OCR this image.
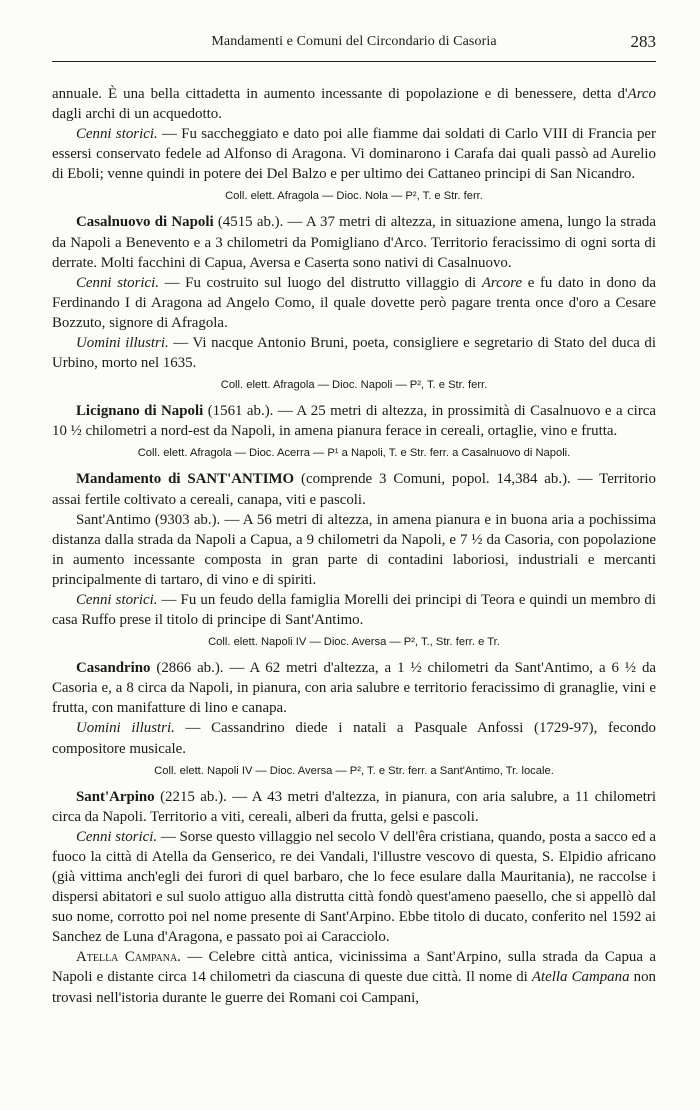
Mandamenti e Comuni del Circondario di Casoria	283

annuale. È una bella cittadetta in aumento incessante di popolazione e di benessere, detta d'Arco dagli archi di un acquedotto.

Cenni storici. — Fu saccheggiato e dato poi alle fiamme dai soldati di Carlo VIII di Francia per essersi conservato fedele ad Alfonso di Aragona. Vi dominarono i Carafa dai quali passò ad Aurelio di Eboli; venne quindi in potere dei Del Balzo e per ultimo dei Cattaneo principi di San Nicandro.

Coll. elett. Afragola — Dioc. Nola — P², T. e Str. ferr.

Casalnuovo di Napoli (4515 ab.). — A 37 metri di altezza, in situazione amena, lungo la strada da Napoli a Benevento e a 3 chilometri da Pomigliano d'Arco. Territorio feracissimo di ogni sorta di derrate. Molti facchini di Capua, Aversa e Caserta sono nativi di Casalnuovo.

Cenni storici. — Fu costruito sul luogo del distrutto villaggio di Arcore e fu dato in dono da Ferdinando I di Aragona ad Angelo Como, il quale dovette però pagare trenta once d'oro a Cesare Bozzuto, signore di Afragola.

Uomini illustri. — Vi nacque Antonio Bruni, poeta, consigliere e segretario di Stato del duca di Urbino, morto nel 1635.

Coll. elett. Afragola — Dioc. Napoli — P², T. e Str. ferr.

Licignano di Napoli (1561 ab.). — A 25 metri di altezza, in prossimità di Casalnuovo e a circa 10 ½ chilometri a nord-est da Napoli, in amena pianura ferace in cereali, ortaglie, vino e frutta.

Coll. elett. Afragola — Dioc. Acerra — P¹ a Napoli, T. e Str. ferr. a Casalnuovo di Napoli.

Mandamento di SANT'ANTIMO (comprende 3 Comuni, popol. 14,384 ab.). — Territorio assai fertile coltivato a cereali, canapa, viti e pascoli.

Sant'Antimo (9303 ab.). — A 56 metri di altezza, in amena pianura e in buona aria a pochissima distanza dalla strada da Napoli a Capua, a 9 chilometri da Napoli, e 7 ½ da Casoria, con popolazione in aumento incessante composta in gran parte di contadini laboriosi, industriali e mercanti principalmente di tartaro, di vino e di spiriti.

Cenni storici. — Fu un feudo della famiglia Morelli dei principi di Teora e quindi un membro di casa Ruffo prese il titolo di principe di Sant'Antimo.

Coll. elett. Napoli IV — Dioc. Aversa — P², T., Str. ferr. e Tr.

Casandrino (2866 ab.). — A 62 metri d'altezza, a 1 ½ chilometri da Sant'Antimo, a 6 ½ da Casoria e, a 8 circa da Napoli, in pianura, con aria salubre e territorio feracissimo di granaglie, vini e frutta, con manifatture di lino e canapa.

Uomini illustri. — Cassandrino diede i natali a Pasquale Anfossi (1729-97), fecondo compositore musicale.

Coll. elett. Napoli IV — Dioc. Aversa — P², T. e Str. ferr. a Sant'Antimo, Tr. locale.

Sant'Arpino (2215 ab.). — A 43 metri d'altezza, in pianura, con aria salubre, a 11 chilometri circa da Napoli. Territorio a viti, cereali, alberi da frutta, gelsi e pascoli.

Cenni storici. — Sorse questo villaggio nel secolo V dell'êra cristiana, quando, posta a sacco ed a fuoco la città di Atella da Genserico, re dei Vandali, l'illustre vescovo di questa, S. Elpidio africano (già vittima anch'egli dei furori di quel barbaro, che lo fece esulare dalla Mauritania), ne raccolse i dispersi abitatori e sul suolo attiguo alla distrutta città fondò quest'ameno paesello, che si appellò dal suo nome, corrotto poi nel nome presente di Sant'Arpino. Ebbe titolo di ducato, conferito nel 1592 ai Sanchez de Luna d'Aragona, e passato poi ai Caracciolo.

Atella Campana. — Celebre città antica, vicinissima a Sant'Arpino, sulla strada da Capua a Napoli e distante circa 14 chilometri da ciascuna di queste due città. Il nome di Atella Campana non trovasi nell'istoria durante le guerre dei Romani coi Campani,
